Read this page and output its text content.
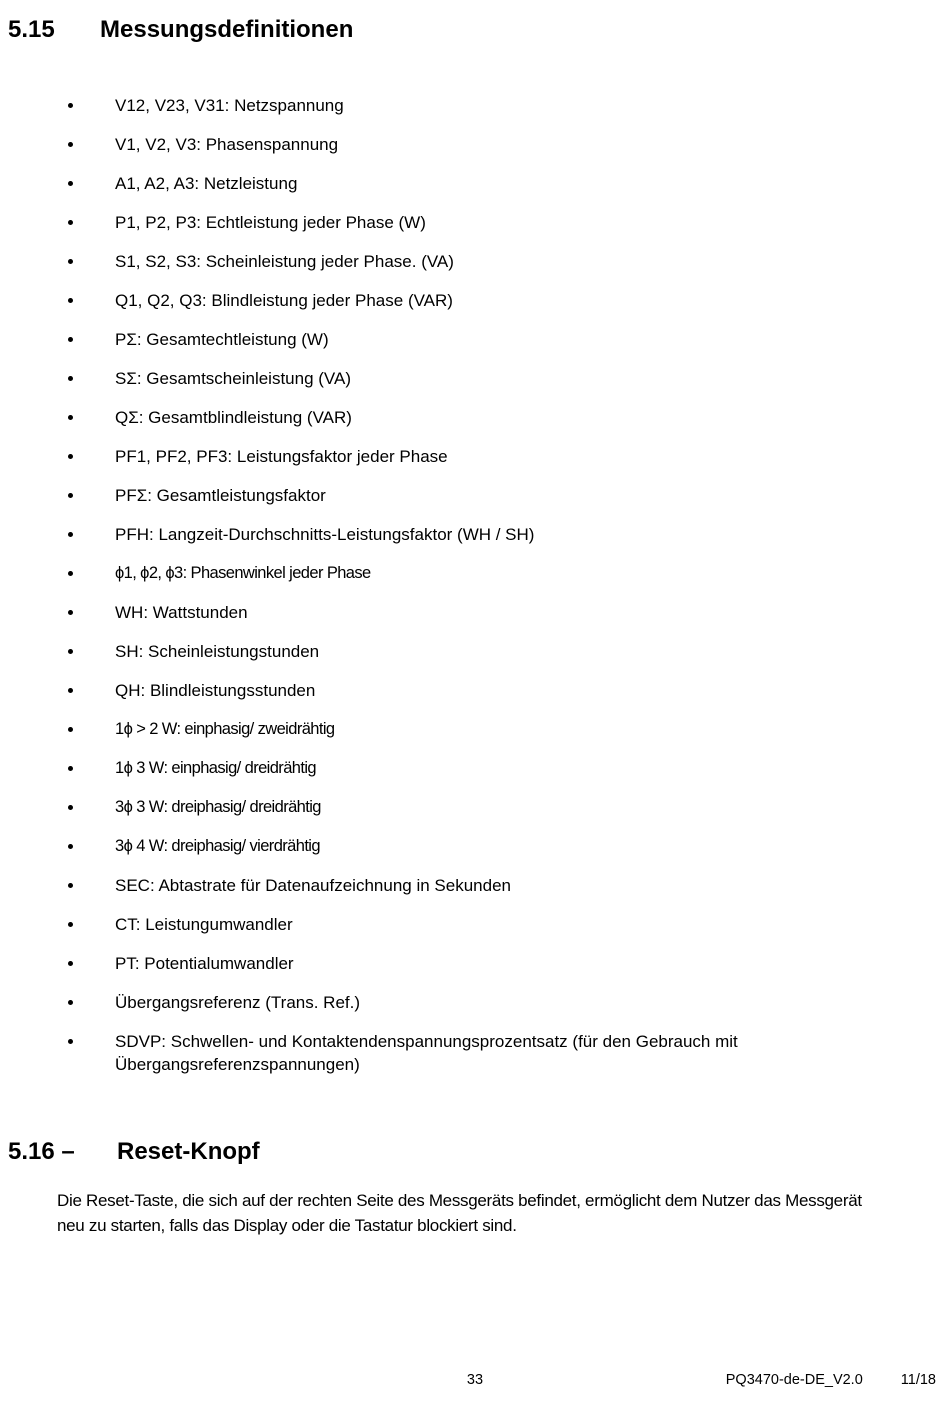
5.15	Messungsdefinitionen
V12, V23, V31: Netzspannung
V1, V2, V3: Phasenspannung
A1, A2, A3: Netzleistung
P1, P2, P3: Echtleistung jeder Phase (W)
S1, S2, S3: Scheinleistung jeder Phase. (VA)
Q1, Q2, Q3: Blindleistung jeder Phase (VAR)
PΣ: Gesamtechtleistung (W)
SΣ: Gesamtscheinleistung (VA)
QΣ: Gesamtblindleistung (VAR)
PF1, PF2, PF3: Leistungsfaktor jeder Phase
PFΣ: Gesamtleistungsfaktor
PFH: Langzeit-Durchschnitts-Leistungsfaktor (WH / SH)
ϕ1, ϕ2, ϕ3: Phasenwinkel jeder Phase
WH: Wattstunden
SH: Scheinleistungstunden
QH: Blindleistungsstunden
1ϕ > 2 W: einphasig/ zweidrähtig
1ϕ 3 W: einphasig/ dreidrähtig
3ϕ 3 W: dreiphasig/ dreidrähtig
3ϕ 4 W: dreiphasig/ vierdrähtig
SEC: Abtastrate für Datenaufzeichnung in Sekunden
CT: Leistungumwandler
PT: Potentialumwandler
Übergangsreferenz (Trans. Ref.)
SDVP: Schwellen- und Kontaktendenspannungsprozentsatz (für den Gebrauch mit Übergangsreferenzspannungen)
5.16 –	Reset-Knopf

Die Reset-Taste, die sich auf der rechten Seite des Messgeräts befindet, ermöglicht dem Nutzer das Messgerät neu zu starten, falls das Display oder die Tastatur blockiert sind.

33	PQ3470-de-DE_V2.0	11/18
